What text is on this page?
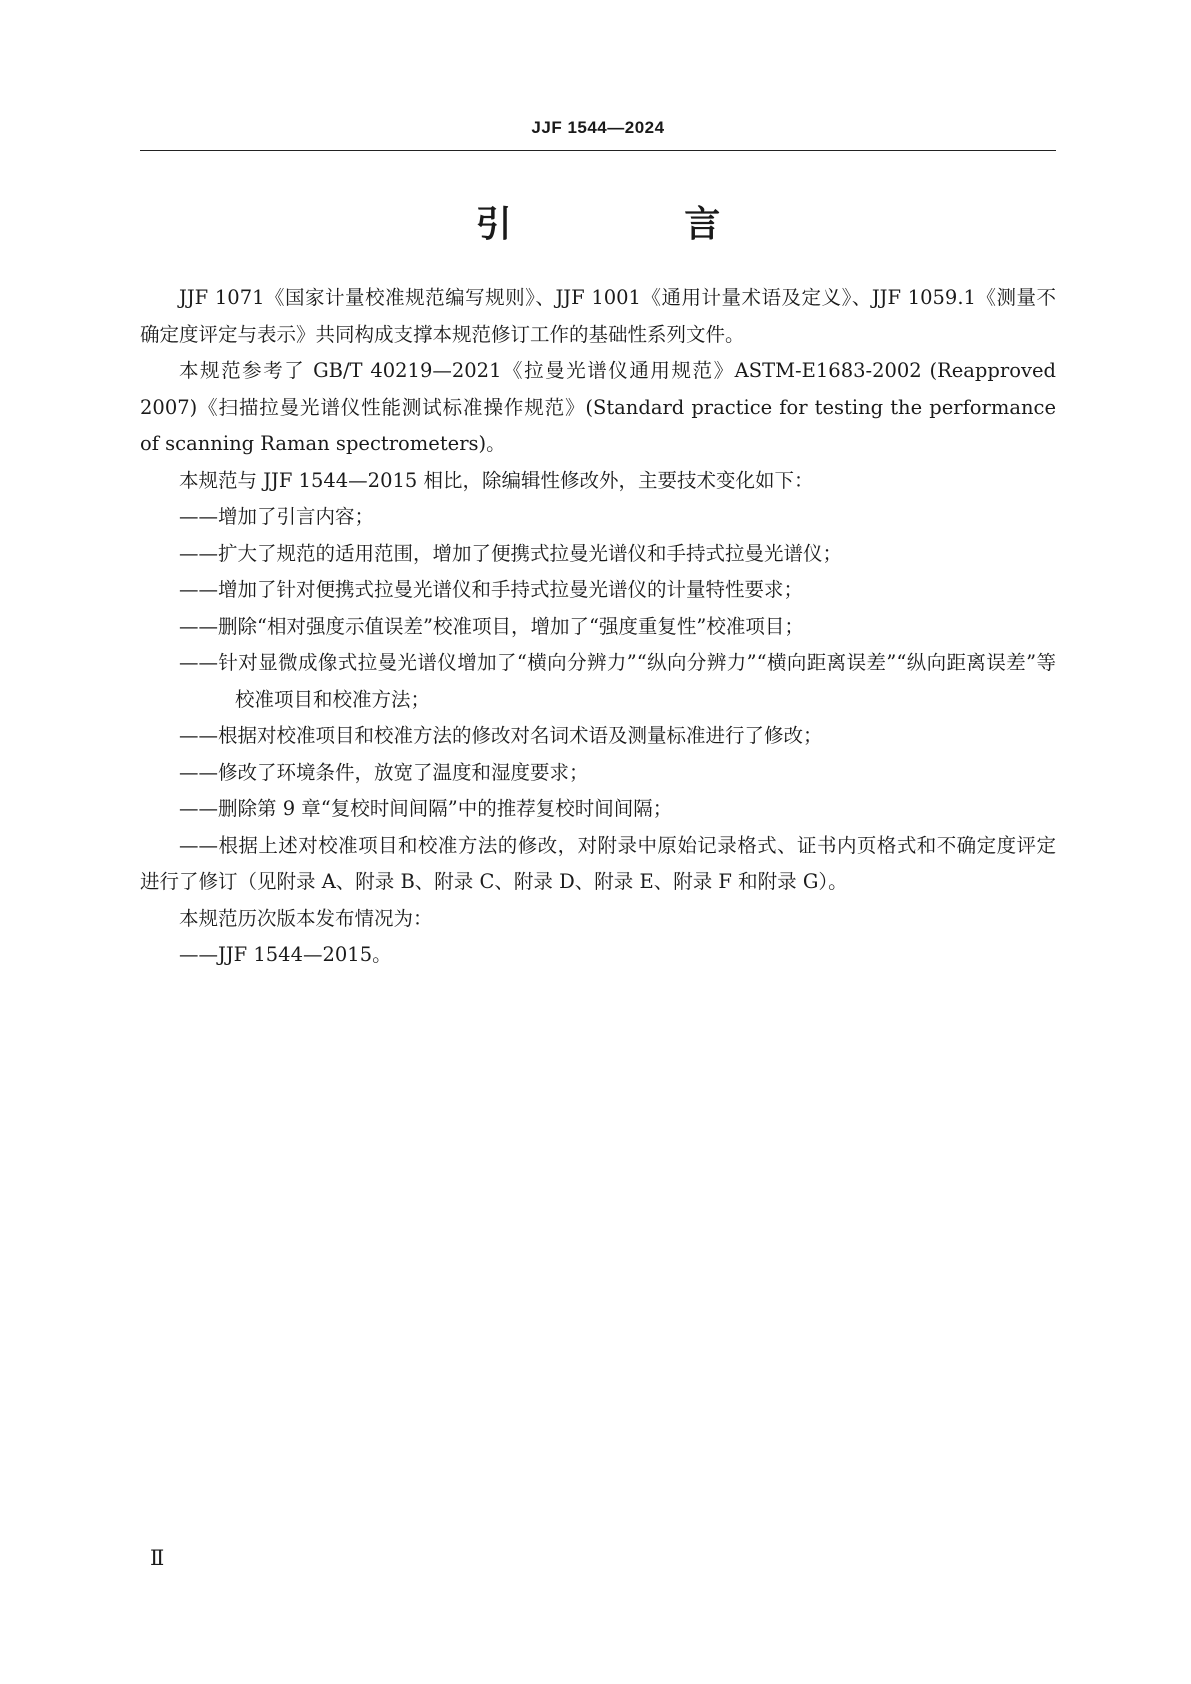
JJF 1544—2024
引 言

JJF 1071《国家计量校准规范编写规则》、JJF 1001《通用计量术语及定义》、JJF 1059.1《测量不确定度评定与表示》共同构成支撑本规范修订工作的基础性系列文件。

本规范参考了 GB/T 40219—2021《拉曼光谱仪通用规范》ASTM-E1683-2002 (Reapproved 2007)《扫描拉曼光谱仪性能测试标准操作规范》(Standard practice for testing the performance of scanning Raman spectrometers)。

本规范与 JJF 1544—2015 相比，除编辑性修改外，主要技术变化如下：

——增加了引言内容；

——扩大了规范的适用范围，增加了便携式拉曼光谱仪和手持式拉曼光谱仪；

——增加了针对便携式拉曼光谱仪和手持式拉曼光谱仪的计量特性要求；

——删除“相对强度示值误差”校准项目，增加了“强度重复性”校准项目；

——针对显微成像式拉曼光谱仪增加了“横向分辨力”“纵向分辨力”“横向距离误差”“纵向距离误差”等校准项目和校准方法；

——根据对校准项目和校准方法的修改对名词术语及测量标准进行了修改；

——修改了环境条件，放宽了温度和湿度要求；

——删除第 9 章“复校时间间隔”中的推荐复校时间间隔；

——根据上述对校准项目和校准方法的修改，对附录中原始记录格式、证书内页格式和不确定度评定进行了修订（见附录 A、附录 B、附录 C、附录 D、附录 E、附录 F 和附录 G）。

本规范历次版本发布情况为：

——JJF 1544—2015。

Ⅱ
